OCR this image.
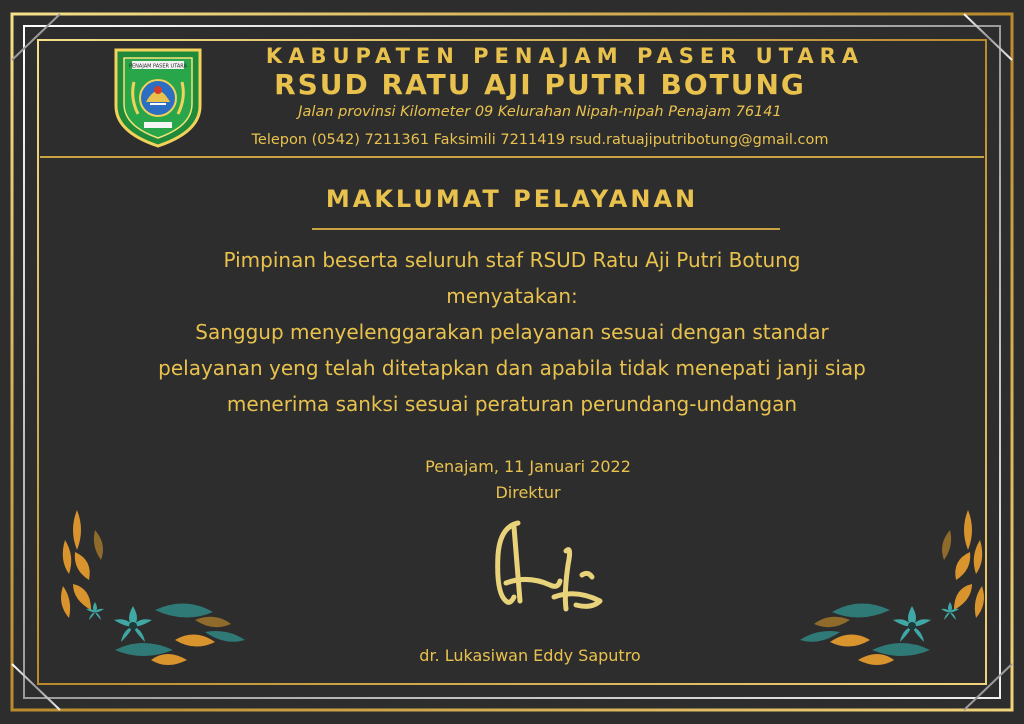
PENAJAM PASER UTARA	KABUPATEN PENAJAM PASER UTARA
RSUD RATU AJI PUTRI BOTUNG
Jalan provinsi Kilometer 09 Kelurahan Nipah-nipah Penajam 76141
Telepon (0542) 7211361 Faksimili 7211419 rsud.ratuajiputribotung@gmail.com
MAKLUMAT PELAYANAN
Pimpinan beserta seluruh staf RSUD Ratu Aji Putri Botung
menyatakan:
Sanggup menyelenggarakan pelayanan sesuai dengan standar
pelayanan yeng telah ditetapkan dan apabila tidak menepati janji siap
menerima sanksi sesuai peraturan perundang-undangan
Penajam, 11 Januari 2022
Direktur
dr. Lukasiwan Eddy Saputro
